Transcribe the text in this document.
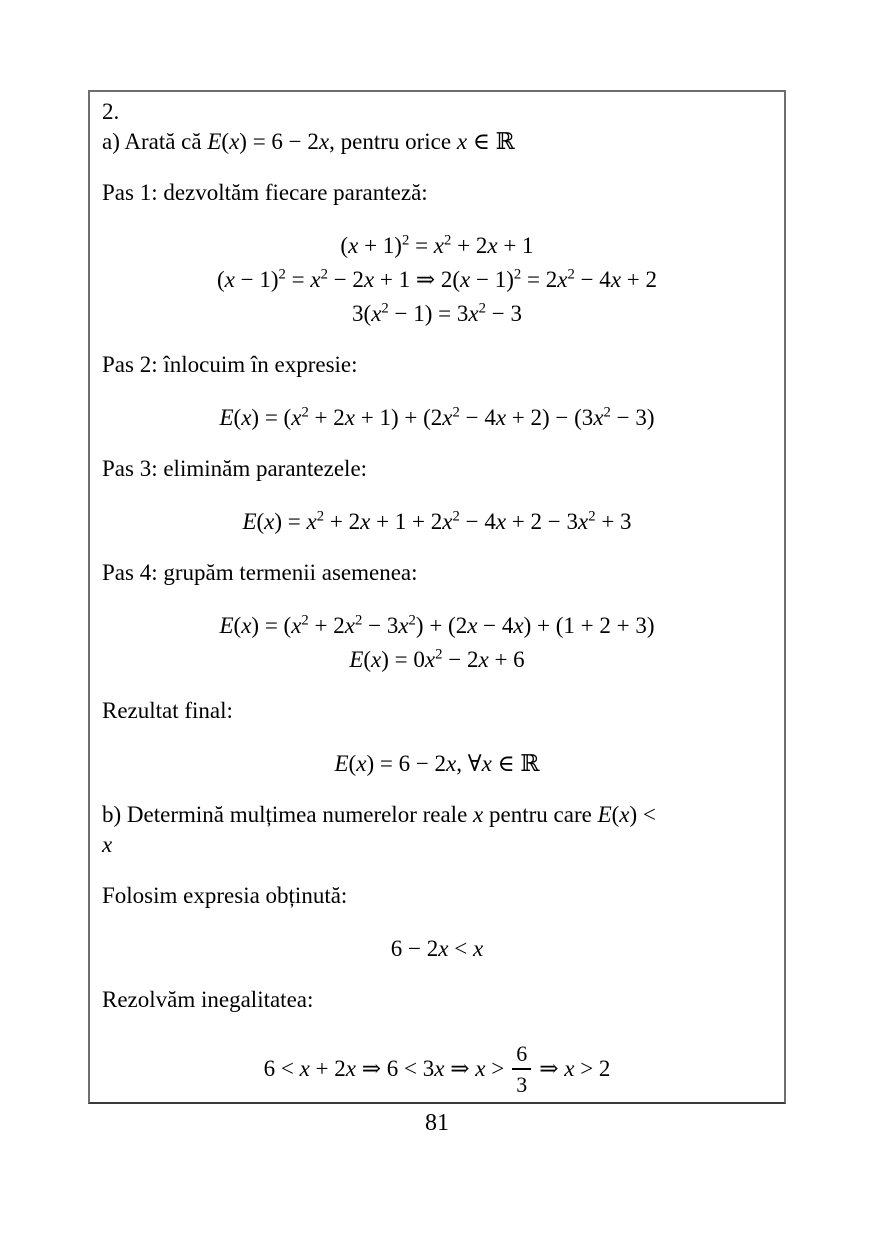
2.

a) Arată că E(x) = 6 − 2x, pentru orice x ∈ ℝ

Pas 1: dezvoltăm fiecare paranteză:

$(x + 1)^2 = x^2 + 2x + 1$
$(x - 1)^2 = x^2 - 2x + 1$ ⇒ $2(x - 1)^2 = 2x^2 - 4x + 2$
$3(x^2 - 1) = 3x^2 - 3$

Pas 2: înlocuim în expresie:

$E(x) = (x^2 + 2x + 1) + (2x^2 - 4x + 2) - (3x^2 - 3)$

Pas 3: eliminăm parantezele:

$E(x) = x^2 + 2x + 1 + 2x^2 - 4x + 2 - 3x^2 + 3$

Pas 4: grupăm termenii asemenea:

$E(x) = (x^2 + 2x^2 - 3x^2) + (2x - 4x) + (1 + 2 + 3)$
$E(x) = 0x^2 - 2x + 6$

Rezultat final:

E(x) = 6 − 2x, ∀x ∈ ℝ

b) Determină mulțimea numerelor reale x pentru care E(x) <
x

Folosim expresia obținută:

6 − 2x < x

Rezolvăm inegalitatea:

6 < x + 2x ⇒ 6 < 3x ⇒ $x > \frac{6}{3}$ ⇒ x > 2
81
